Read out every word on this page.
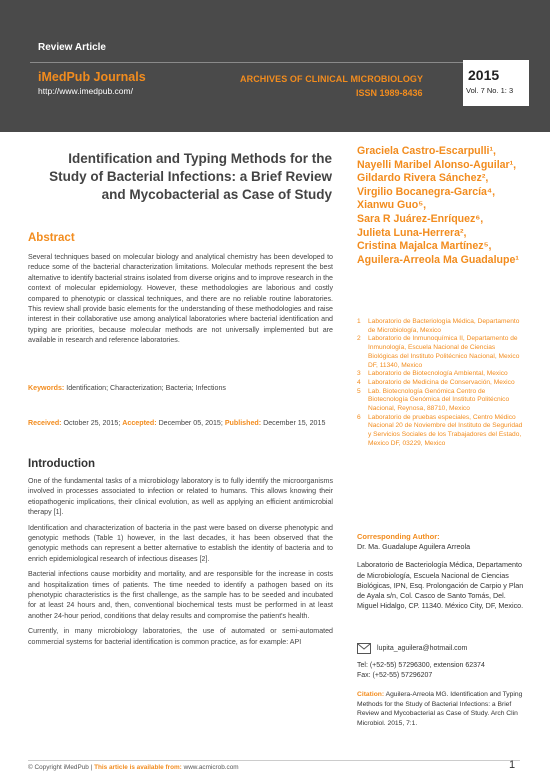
Review Article
iMedPub Journals
http://www.imedpub.com/
ARCHIVES OF CLINICAL MICROBIOLOGY
ISSN 1989-8436
2015
Vol. 7 No. 1: 3
Identification and Typing Methods for the Study of Bacterial Infections: a Brief Review and Mycobacterial as Case of Study
Graciela Castro-Escarpulli¹,
Nayelli Maribel Alonso-Aguilar¹,
Gildardo Rivera Sánchez²,
Virgilio Bocanegra-García⁴,
Xianwu Guo⁵,
Sara R Juárez-Enríquez⁶,
Julieta Luna-Herrera²,
Cristina Majalca Martínez⁵,
Aguilera-Arreola Ma Guadalupe¹
1	Laboratorio de Bacteriología Médica, Departamento de Microbiología, Mexico
2	Laboratorio de Inmunoquímica II, Departamento de Inmunología, Escuela Nacional de Ciencias Biológicas del Instituto Politécnico Nacional, Mexico DF, 11340, Mexico
3	Laboratorio de Biotecnología Ambiental, Mexico
4	Laboratorio de Medicina de Conservación, Mexico
5	Lab. Biotecnología Genómica Centro de Biotecnología Genómica del Instituto Politécnico Nacional, Reynosa, 88710, Mexico
6	Laboratorio de pruebas especiales, Centro Médico Nacional 20 de Noviembre del Instituto de Seguridad y Servicios Sociales de los Trabajadores del Estado, Mexico DF, 03229, Mexico
Abstract

Several techniques based on molecular biology and analytical chemistry has been developed to reduce some of the bacterial characterization limitations. Molecular methods represent the best alternative to identify bacterial strains isolated from diverse origins and to improve research in the context of molecular epidemiology. However, these methodologies are laborious and costly compared to phenotypic or classical techniques, and there are no reliable routine laboratories. This review shall provide basic elements for the understanding of these methodologies and raise interest in their collaborative use among analytical laboratories where bacterial identification and typing are priorities, because molecular methods are not universally implemented but are available in research and reference laboratories.

Keywords: Identification; Characterization; Bacteria; Infections
Received: October 25, 2015; Accepted: December 05, 2015; Published: December 15, 2015
Introduction

One of the fundamental tasks of a microbiology laboratory is to fully identify the microorganisms involved in processes associated to infection or related to humans. This allows knowing their etiopathogenic implications, their clinical evolution, as well as applying an efficient antimicrobial therapy [1].

Identification and characterization of bacteria in the past were based on diverse phenotypic and genotypic methods (Table 1) however, in the last decades, it has been observed that the genotypic methods can represent a better alternative to establish the identity of bacteria and to enrich epidemiological research of infectious diseases [2].

Bacterial infections cause morbidity and mortality, and are responsible for the increase in costs and hospitalization times of patients. The time needed to identify a pathogen based on its phenotypic characteristics is the first challenge, as the sample has to be seeded and incubated for at least 24 hours and, then, conventional biochemical tests must be performed in at least another 24-hour period, conditions that delay results and compromise the patient's health.

Currently, in many microbiology laboratories, the use of automated or semi-automated commercial systems for bacterial identification is common practice, as for example: API

Corresponding Author:
Dr. Ma. Guadalupe Aguilera Arreola
Laboratorio de Bacteriología Médica, Departamento de Microbiología, Escuela Nacional de Ciencias Biológicas, IPN, Esq. Prolongación de Carpio y Plan de Ayala s/n, Col. Casco de Santo Tomás, Del. Miguel Hidalgo, CP. 11340. México City, DF, Mexico.
lupita_aguilera@hotmail.com
Tel: (+52-55) 57296300, extension 62374
Fax: (+52-55) 57296207
Citation: Aguilera-Arreola MG. Identification and Typing Methods for the Study of Bacterial Infections: a Brief Review and Mycobacterial as Case of Study. Arch Clin Microbiol. 2015, 7:1.
© Copyright iMedPub | This article is available from: www.acmicrob.com	1
